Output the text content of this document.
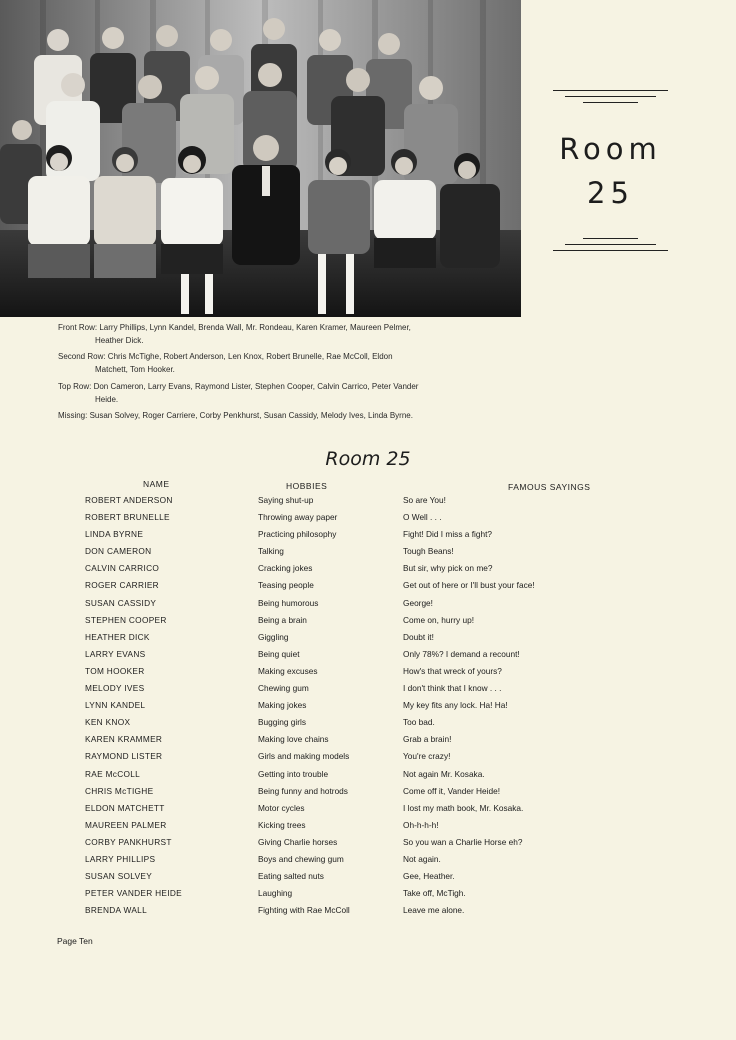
Room
25
Front Row: Larry Phillips, Lynn Kandel, Brenda Wall, Mr. Rondeau, Karen Kramer, Maureen Pelmer,
Heather Dick.
Second Row: Chris McTighe, Robert Anderson, Len Knox, Robert Brunelle, Rae McColl, Eldon
Matchett, Tom Hooker.
Top Row: Don Cameron, Larry Evans, Raymond Lister, Stephen Cooper, Calvin Carrico, Peter Vander
Heide.
Missing: Susan Solvey, Roger Carriere, Corby Penkhurst, Susan Cassidy, Melody Ives, Linda Byrne.
Room 25
NAME	HOBBIES	FAMOUS SAYINGS
ROBERT ANDERSON	Saying shut-up	So are You!
ROBERT BRUNELLE	Throwing away paper	O Well . . .
LINDA BYRNE	Practicing philosophy	Fight! Did I miss a fight?
DON CAMERON	Talking	Tough Beans!
CALVIN CARRICO	Cracking jokes	But sir, why pick on me?
ROGER CARRIER	Teasing people	Get out of here or I'll bust your face!
SUSAN CASSIDY	Being humorous	George!
STEPHEN COOPER	Being a brain	Come on, hurry up!
HEATHER DICK	Giggling	Doubt it!
LARRY EVANS	Being quiet	Only 78%? I demand a recount!
TOM HOOKER	Making excuses	How's that wreck of yours?
MELODY IVES	Chewing gum	I don't think that I know . . .
LYNN KANDEL	Making jokes	My key fits any lock. Ha! Ha!
KEN KNOX	Bugging girls	Too bad.
KAREN KRAMMER	Making love chains	Grab a brain!
RAYMOND LISTER	Girls and making models	You're crazy!
RAE McCOLL	Getting into trouble	Not again Mr. Kosaka.
CHRIS McTIGHE	Being funny and hotrods	Come off it, Vander Heide!
ELDON MATCHETT	Motor cycles	I lost my math book, Mr. Kosaka.
MAUREEN PALMER	Kicking trees	Oh-h-h-h!
CORBY PANKHURST	Giving Charlie horses	So you wan a Charlie Horse eh?
LARRY PHILLIPS	Boys and chewing gum	Not again.
SUSAN SOLVEY	Eating salted nuts	Gee, Heather.
PETER VANDER HEIDE	Laughing	Take off, McTigh.
BRENDA WALL	Fighting with Rae McColl	Leave me alone.
Page Ten
